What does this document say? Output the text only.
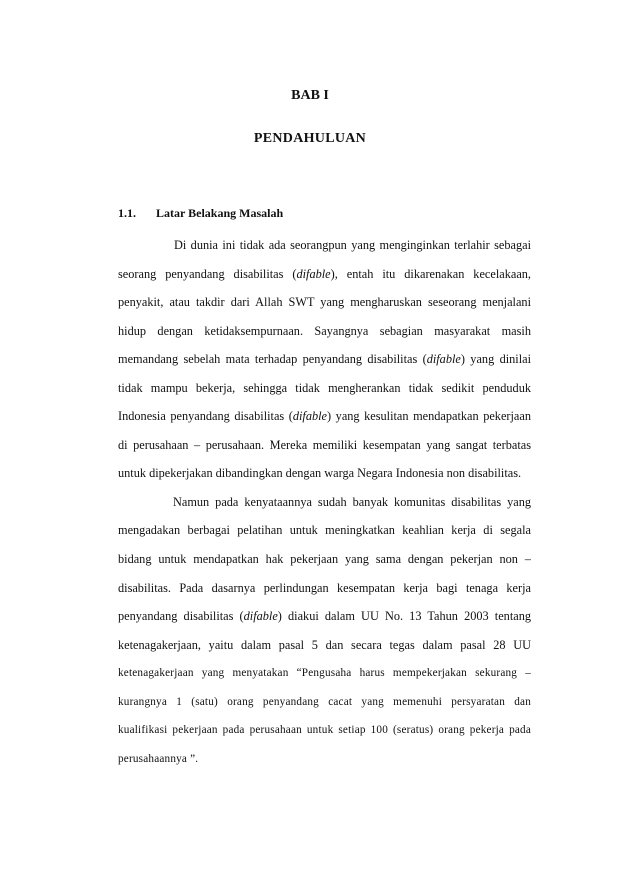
BAB I
PENDAHULUAN
1.1. Latar Belakang Masalah

Di dunia ini tidak ada seorangpun yang menginginkan terlahir sebagai
seorang penyandang disabilitas (difable), entah itu dikarenakan kecelakaan,
penyakit, atau takdir dari Allah SWT yang mengharuskan seseorang menjalani
hidup dengan ketidaksempurnaan. Sayangnya sebagian masyarakat masih
memandang sebelah mata terhadap penyandang disabilitas (difable) yang dinilai
tidak mampu bekerja, sehingga tidak mengherankan tidak sedikit penduduk
Indonesia penyandang disabilitas (difable) yang kesulitan mendapatkan pekerjaan
di perusahaan – perusahaan. Mereka memiliki kesempatan yang sangat terbatas
untuk dipekerjakan dibandingkan dengan warga Negara Indonesia non disabilitas.

Namun pada kenyataannya sudah banyak komunitas disabilitas yang
mengadakan berbagai pelatihan untuk meningkatkan keahlian kerja di segala
bidang untuk mendapatkan hak pekerjaan yang sama dengan pekerjan non –
disabilitas. Pada dasarnya perlindungan kesempatan kerja bagi tenaga kerja
penyandang disabilitas (difable) diakui dalam UU No. 13 Tahun 2003 tentang
ketenagakerjaan, yaitu dalam pasal 5 dan secara tegas dalam pasal 28 UU
ketenagakerjaan yang menyatakan “Pengusaha harus mempekerjakan sekurang –
kurangnya 1 (satu) orang penyandang cacat yang memenuhi persyaratan dan
kualifikasi pekerjaan pada perusahaan untuk setiap 100 (seratus) orang pekerja pada
perusahaannya ”.
